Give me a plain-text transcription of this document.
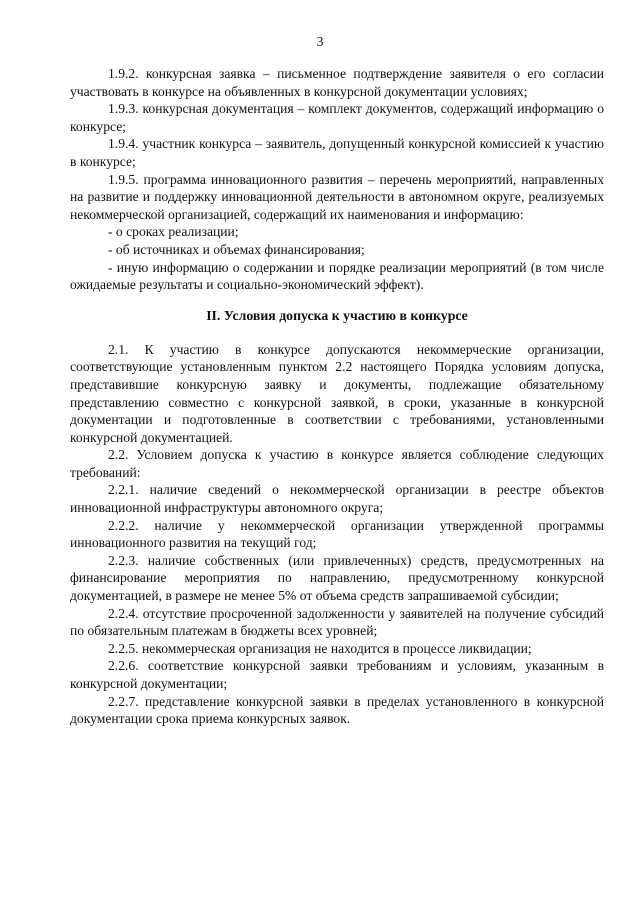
3

1.9.2. конкурсная заявка – письменное подтверждение заявителя о его согласии участвовать в конкурсе на объявленных в конкурсной документации условиях;

1.9.3. конкурсная документация – комплект документов, содержащий информацию о конкурсе;

1.9.4. участник конкурса – заявитель, допущенный конкурсной комиссией к участию в конкурсе;

1.9.5. программа инновационного развития – перечень мероприятий, направленных на развитие и поддержку инновационной деятельности в автономном округе, реализуемых некоммерческой организацией, содержащий их наименования и информацию:

- о сроках реализации;

- об источниках и объемах финансирования;

- иную информацию о содержании и порядке реализации мероприятий (в том числе ожидаемые результаты и социально-экономический эффект).

II. Условия допуска к участию в конкурсе

2.1. К участию в конкурсе допускаются некоммерческие организации, соответствующие установленным пунктом 2.2 настоящего Порядка условиям допуска, представившие конкурсную заявку и документы, подлежащие обязательному представлению совместно с конкурсной заявкой, в сроки, указанные в конкурсной документации и подготовленные в соответствии с требованиями, установленными конкурсной документацией.

2.2. Условием допуска к участию в конкурсе является соблюдение следующих требований:

2.2.1. наличие сведений о некоммерческой организации в реестре объектов инновационной инфраструктуры автономного округа;

2.2.2. наличие у некоммерческой организации утвержденной программы инновационного развития на текущий год;

2.2.3. наличие собственных (или привлеченных) средств, предусмотренных на финансирование мероприятия по направлению, предусмотренному конкурсной документацией, в размере не менее 5% от объема средств запрашиваемой субсидии;

2.2.4. отсутствие просроченной задолженности у заявителей на получение субсидий по обязательным платежам в бюджеты всех уровней;

2.2.5. некоммерческая организация не находится в процессе ликвидации;

2.2.6. соответствие конкурсной заявки требованиям и условиям, указанным в конкурсной документации;

2.2.7. представление конкурсной заявки в пределах установленного в конкурсной документации срока приема конкурсных заявок.
